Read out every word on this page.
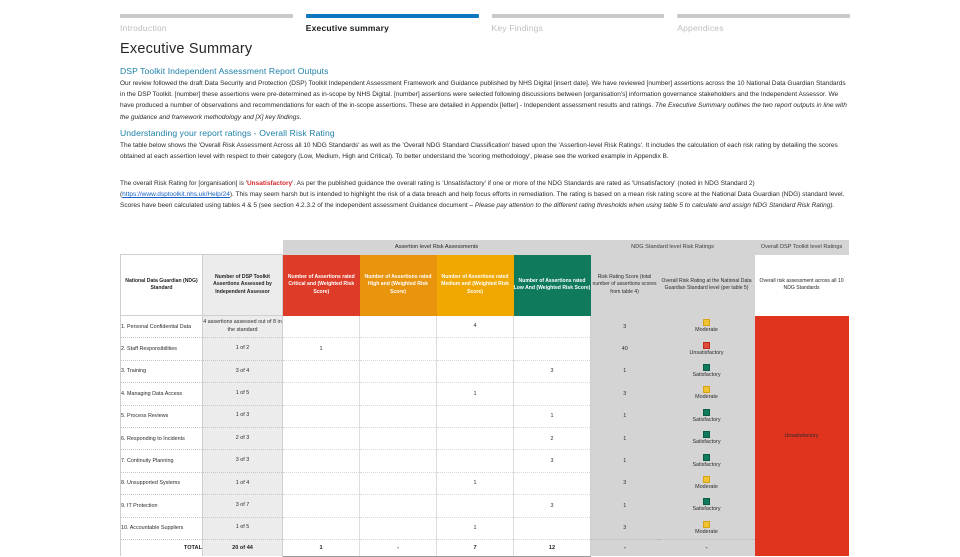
Introduction	Executive summary	Key Findings	Appendices
Executive Summary
DSP Toolkit Independent Assessment Report Outputs
Our review followed the draft Data Security and Protection (DSP) Toolkit Independent Assessment Framework and Guidance published by NHS Digital [insert date]. We have reviewed [number] assertions across the 10 National Data Guardian Standards in the DSP Toolkit. [number] these assertions were pre-determined as in-scope by NHS Digital. [number] assertions were selected following discussions between [organisation's] information governance stakeholders and the Independent Assessor. We have produced a number of observations and recommendations for each of the in-scope assertions. These are detailed in Appendix [letter] - Independent assessment results and ratings. The Executive Summary outlines the two report outputs in line with the guidance and framework methodology and [X] key findings.
Understanding your report ratings - Overall Risk Rating
The table below shows the 'Overall Risk Assessment Across all 10 NDG Standards' as well as the 'Overall NDG Standard Classification' based upon the 'Assertion-level Risk Ratings'. It includes the calculation of each risk rating by detailing the scores obtained at each assertion level with respect to their category (Low, Medium, High and Critical). To better understand the 'scoring methodology', please see the worked example in Appendix B.
The overall Risk Rating for [organisation] is 'Unsatisfactory'. As per the published guidance the overall rating is 'Unsatisfactory' if one or more of the NDG Standards are rated as 'Unsatisfactory' (noted in NDG Standard 2) (https://www.dsptoolkit.nhs.uk/Help/24). This may seem harsh but is intended to highlight the risk of a data breach and help focus efforts in remediation. The rating is based on a mean risk rating score at the National Data Guardian (NDG) standard level. Scores have been calculated using tables 4 & 5 (see section 4.2.3.2 of the independent assessment Guidance document – Please pay attention to the different rating thresholds when using table 5 to calculate and assign NDG Standard Risk Rating).
		Assertion level Risk Assessments				NDG Standard level Risk Ratings		Overall DSP Toolkit level Ratings
National Data Guardian (NDG) Standard	Number of DSP Toolkit Assertions Assessed by Independent Assessor	Number of Assertions rated Critical and (Weighted Risk Score)	Number of Assertions rated High and (Weighted Risk Score)	Number of Assertions rated Medium and (Weighted Risk Score)	Number of Assertions rated Low And (Weighted Risk Score)	Risk Rating Score (total number of assertions scores from table 4)	Overall Risk Rating at the National Data Guardian Standard level (per table 5)	Overall risk assessment across all 10 NDG Standards
1. Personal Confidential Data	4 assertions assessed out of 8 in the standard			4		3	Moderate	Unsatisfactory
2. Staff Responsibilities	1 of 2	1				40	Unsatisfactory	
3. Training	3 of 4				3	1	Satisfactory	
4. Managing Data Access	1 of 5			1		3	Moderate	
5. Process Reviews	1 of 3				1	1	Satisfactory	
6. Responding to Incidents	2 of 3				2	1	Satisfactory	
7. Continuity Planning	3 of 3				3	1	Satisfactory	
8. Unsupported Systems	1 of 4			1		3	Moderate	
9. IT Protection	3 of 7				3	1	Satisfactory	
10. Accountable Suppliers	1 of 5			1		3	Moderate	
TOTAL	20 of 44	1	-	7	12	-	-	
